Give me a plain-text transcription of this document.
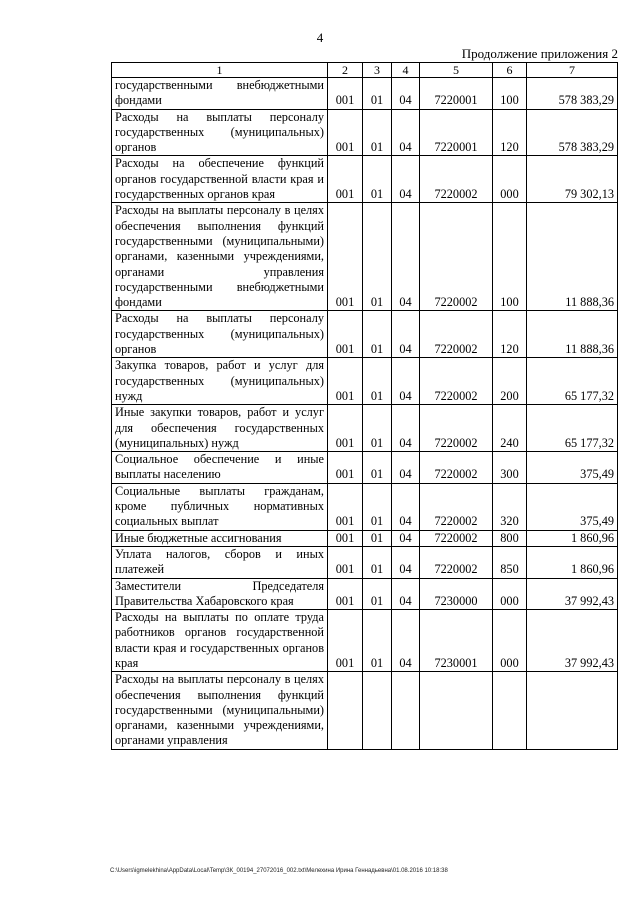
4
Продолжение приложения 2
1	2	3	4	5	6	7
государственными внебюджетными фондами	001	01	04	7220001	100	578 383,29
Расходы на выплаты персоналу государственных (муниципальных) органов	001	01	04	7220001	120	578 383,29
Расходы на обеспечение функций органов государственной власти края и государственных органов края	001	01	04	7220002	000	79 302,13
Расходы на выплаты персоналу в целях обеспечения выполнения функций государственными (муниципальными) органами, казенными учреждениями, органами управления государственными внебюджетными фондами	001	01	04	7220002	100	11 888,36
Расходы на выплаты персоналу государственных (муниципальных) органов	001	01	04	7220002	120	11 888,36
Закупка товаров, работ и услуг для государственных (муниципальных) нужд	001	01	04	7220002	200	65 177,32
Иные закупки товаров, работ и услуг для обеспечения государственных (муниципальных) нужд	001	01	04	7220002	240	65 177,32
Социальное обеспечение и иные выплаты населению	001	01	04	7220002	300	375,49
Социальные выплаты гражданам, кроме публичных нормативных социальных выплат	001	01	04	7220002	320	375,49
Иные бюджетные ассигнования	001	01	04	7220002	800	1 860,96
Уплата налогов, сборов и иных платежей	001	01	04	7220002	850	1 860,96
Заместители Председателя Правительства Хабаровского края	001	01	04	7230000	000	37 992,43
Расходы на выплаты по оплате труда работников органов государственной власти края и государственных органов края	001	01	04	7230001	000	37 992,43
Расходы на выплаты персоналу в целях обеспечения выполнения функций государственными (муниципальными) органами, казенными учреждениями, органами управления						
C:\Users\igmelekhina\AppData\Local\Temp\ЗК_00194_27072016_002.txt\Мелехина Ирина Геннадьевна\01.08.2016 10:18:38
